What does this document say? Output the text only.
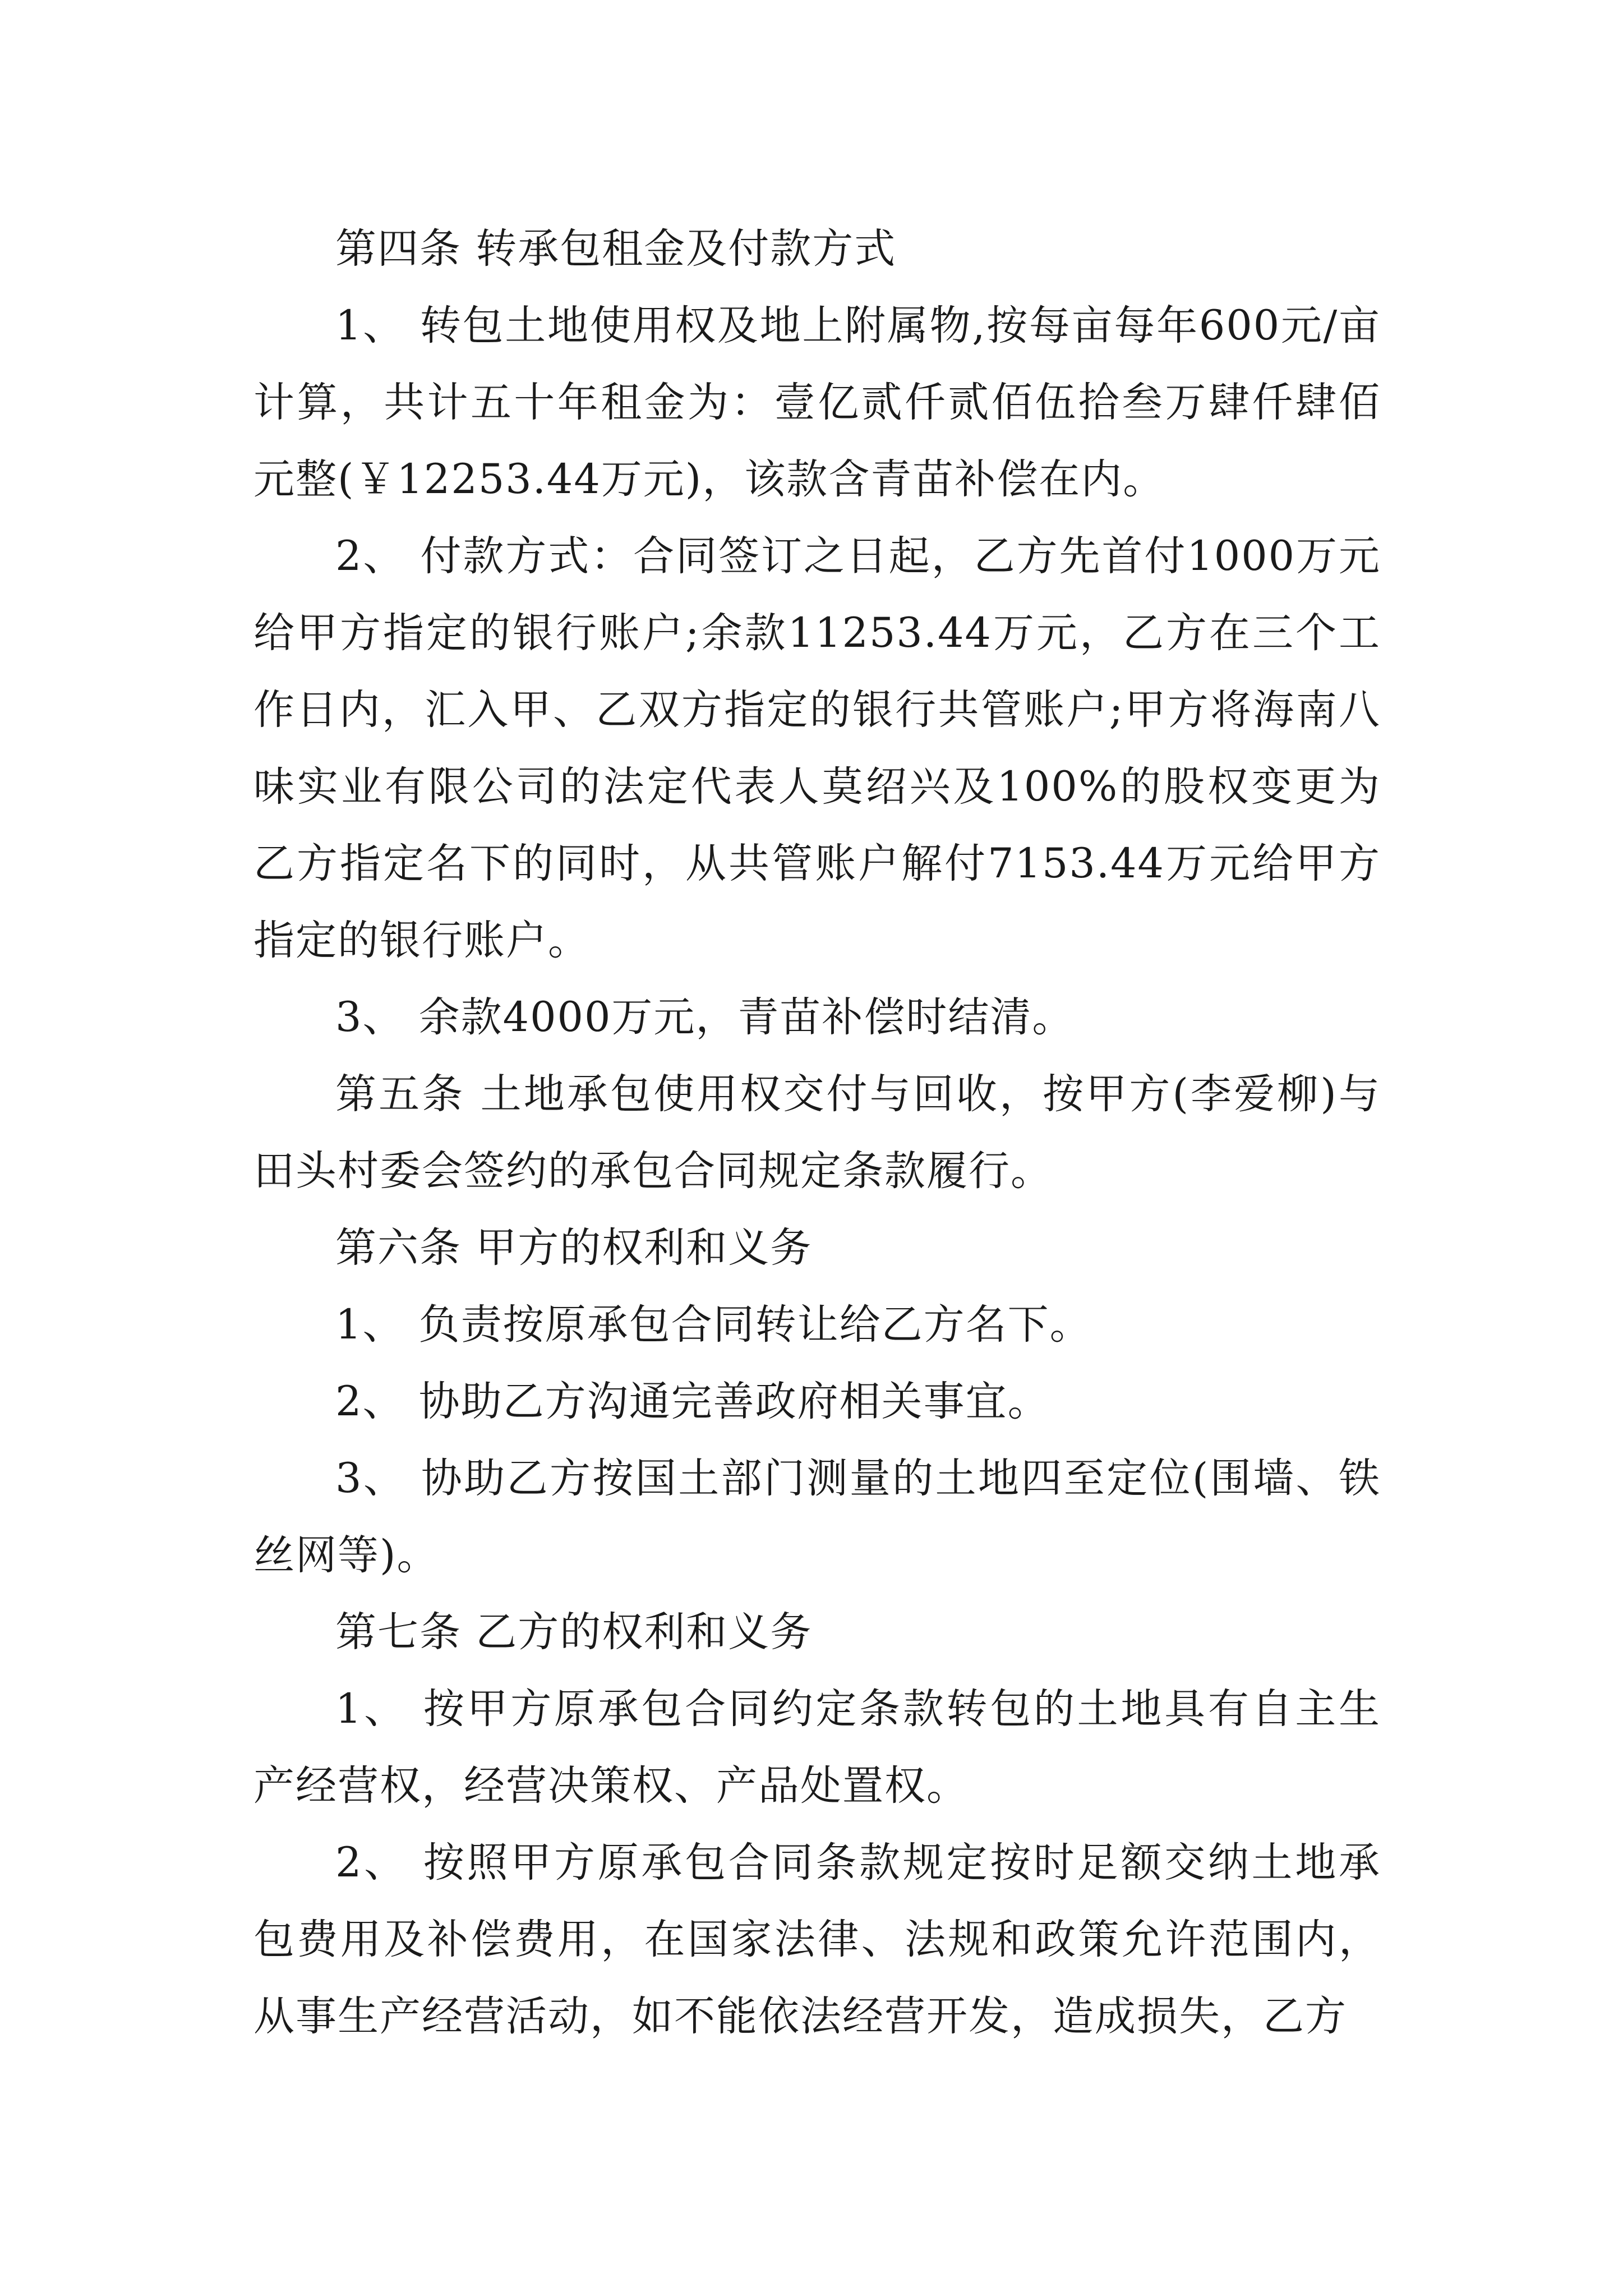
第四条 转承包租金及付款方式

1、 转包土地使用权及地上附属物,按每亩每年600元/亩计算，共计五十年租金为：壹亿贰仟贰佰伍拾叁万肆仟肆佰元整(￥12253.44万元)，该款含青苗补偿在内。

2、 付款方式：合同签订之日起，乙方先首付1000万元给甲方指定的银行账户;余款11253.44万元，乙方在三个工作日内，汇入甲、乙双方指定的银行共管账户;甲方将海南八味实业有限公司的法定代表人莫绍兴及100%的股权变更为乙方指定名下的同时，从共管账户解付7153.44万元给甲方指定的银行账户。

3、 余款4000万元，青苗补偿时结清。

第五条 土地承包使用权交付与回收，按甲方(李爱柳)与田头村委会签约的承包合同规定条款履行。

第六条 甲方的权利和义务

1、 负责按原承包合同转让给乙方名下。

2、 协助乙方沟通完善政府相关事宜。

3、 协助乙方按国土部门测量的土地四至定位(围墙、铁丝网等)。

第七条 乙方的权利和义务

1、 按甲方原承包合同约定条款转包的土地具有自主生产经营权，经营决策权、产品处置权。

2、 按照甲方原承包合同条款规定按时足额交纳土地承包费用及补偿费用，在国家法律、法规和政策允许范围内，从事生产经营活动，如不能依法经营开发，造成损失，乙方
